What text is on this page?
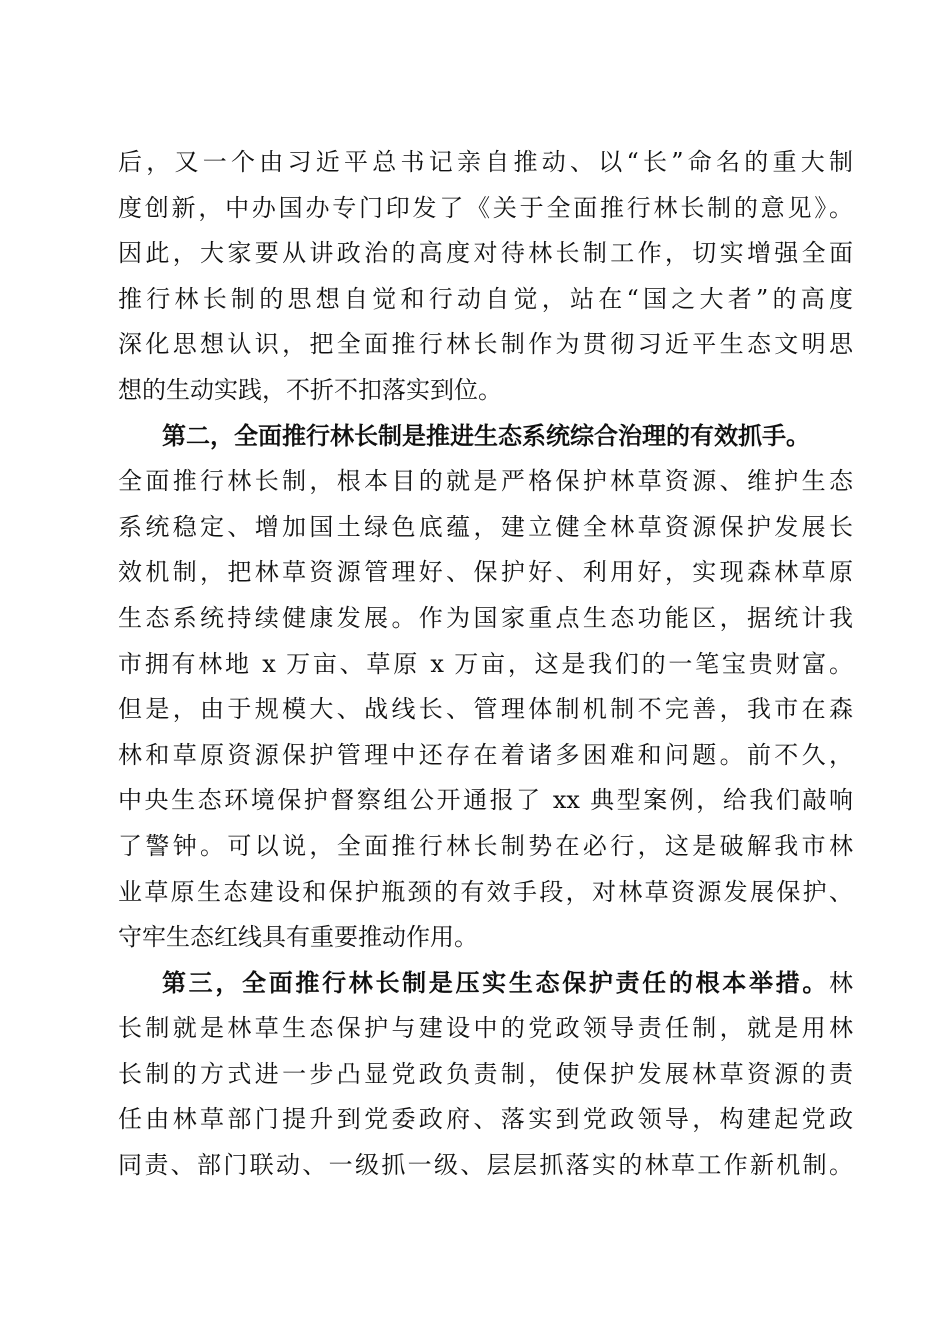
后，又一个由习近平总书记亲自推动、以“长”命名的重大制
度创新，中办国办专门印发了《关于全面推行林长制的意见》。
因此，大家要从讲政治的高度对待林长制工作，切实增强全面
推行林长制的思想自觉和行动自觉，站在“国之大者”的高度
深化思想认识，把全面推行林长制作为贯彻习近平生态文明思
想的生动实践，不折不扣落实到位。
第二，全面推行林长制是推进生态系统综合治理的有效抓手。
全面推行林长制，根本目的就是严格保护林草资源、维护生态
系统稳定、增加国土绿色底蕴，建立健全林草资源保护发展长
效机制，把林草资源管理好、保护好、利用好，实现森林草原
生态系统持续健康发展。作为国家重点生态功能区，据统计我
市拥有林地 x 万亩、草原 x 万亩，这是我们的一笔宝贵财富。
但是，由于规模大、战线长、管理体制机制不完善，我市在森
林和草原资源保护管理中还存在着诸多困难和问题。前不久，
中央生态环境保护督察组公开通报了 xx 典型案例，给我们敲响
了警钟。可以说，全面推行林长制势在必行，这是破解我市林
业草原生态建设和保护瓶颈的有效手段，对林草资源发展保护、
守牢生态红线具有重要推动作用。
第三，全面推行林长制是压实生态保护责任的根本举措。林
长制就是林草生态保护与建设中的党政领导责任制，就是用林
长制的方式进一步凸显党政负责制，使保护发展林草资源的责
任由林草部门提升到党委政府、落实到党政领导，构建起党政
同责、部门联动、一级抓一级、层层抓落实的林草工作新机制。
